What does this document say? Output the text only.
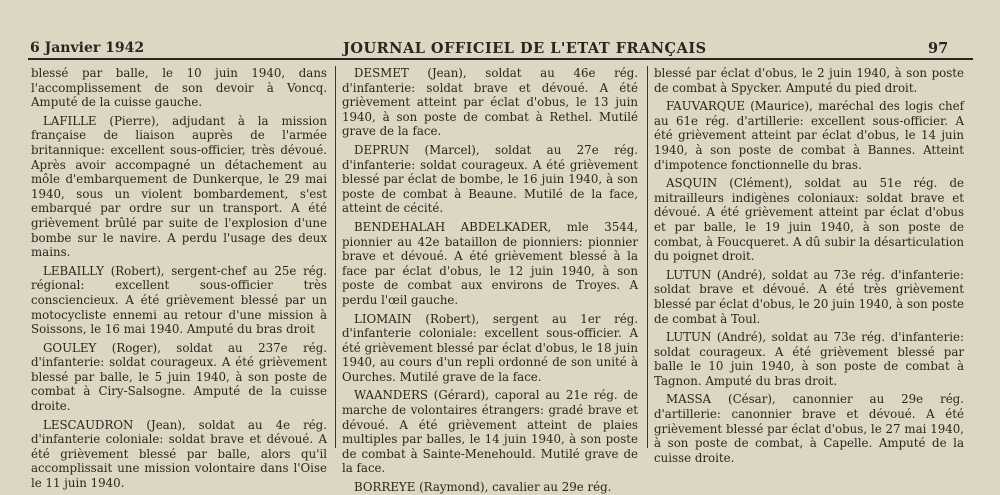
6 Janvier 1942	JOURNAL OFFICIEL DE L'ETAT FRANÇAIS	97

blessé par balle, le 10 juin 1940, dans l'accomplissement de son devoir à Voncq. Amputé de la cuisse gauche.

LAFILLE (Pierre), adjudant à la mission française de liaison auprès de l'armée britannique: excellent sous-officier, très dévoué. Après avoir accompagné un détachement au môle d'embarquement de Dunkerque, le 29 mai 1940, sous un violent bombardement, s'est embarqué par ordre sur un transport. A été grièvement brûlé par suite de l'explosion d'une bombe sur le navire. A perdu l'usage des deux mains.

LEBAILLY (Robert), sergent-chef au 25e rég. régional: excellent sous-officier très consciencieux. A été grièvement blessé par un motocycliste ennemi au retour d'une mission à Soissons, le 16 mai 1940. Amputé du bras droit

GOULEY (Roger), soldat au 237e rég. d'infanterie: soldat courageux. A été grièvement blessé par balle, le 5 juin 1940, à son poste de combat à Ciry-Salsogne. Amputé de la cuisse droite.

LESCAUDRON (Jean), soldat au 4e rég. d'infanterie coloniale: soldat brave et dévoué. A été grièvement blessé par balle, alors qu'il accomplissait une mission volontaire dans l'Oise le 11 juin 1940.

DESMET (Jean), soldat au 46e rég. d'infanterie: soldat brave et dévoué. A été grièvement atteint par éclat d'obus, le 13 juin 1940, à son poste de combat à Rethel. Mutilé grave de la face.

DEPRUN (Marcel), soldat au 27e rég. d'infanterie: soldat courageux. A été grièvement blessé par éclat de bombe, le 16 juin 1940, à son poste de combat à Beaune. Mutilé de la face, atteint de cécité.

BENDEHALAH ABDELKADER, mle 3544, pionnier au 42e bataillon de pionniers: pionnier brave et dévoué. A été grièvement blessé à la face par éclat d'obus, le 12 juin 1940, à son poste de combat aux environs de Troyes. A perdu l'œil gauche.

LIOMAIN (Robert), sergent au 1er rég. d'infanterie coloniale: excellent sous-officier. A été grièvement blessé par éclat d'obus, le 18 juin 1940, au cours d'un repli ordonné de son unité à Ourches. Mutilé grave de la face.

WAANDERS (Gérard), caporal au 21e rég. de marche de volontaires étrangers: gradé brave et dévoué. A été grièvement atteint de plaies multiples par balles, le 14 juin 1940, à son poste de combat à Sainte-Menehould. Mutilé grave de la face.

BORREYE (Raymond), cavalier au 29e rég.

blessé par éclat d'obus, le 2 juin 1940, à son poste de combat à Spycker. Amputé du pied droit.

FAUVARQUE (Maurice), maréchal des logis chef au 61e rég. d'artillerie: excellent sous-officier. A été grièvement atteint par éclat d'obus, le 14 juin 1940, à son poste de combat à Bannes. Atteint d'impotence fonctionnelle du bras.

ASQUIN (Clément), soldat au 51e rég. de mitrailleurs indigènes coloniaux: soldat brave et dévoué. A été grièvement atteint par éclat d'obus et par balle, le 19 juin 1940, à son poste de combat, à Foucqueret. A dû subir la désarticulation du poignet droit.

LUTUN (André), soldat au 73e rég. d'infanterie: soldat brave et dévoué. A été très grièvement blessé par éclat d'obus, le 20 juin 1940, à son poste de combat à Toul.

LUTUN (André), soldat au 73e rég. d'infanterie: soldat courageux. A été grièvement blessé par balle le 10 juin 1940, à son poste de combat à Tagnon. Amputé du bras droit.

MASSA (César), canonnier au 29e rég. d'artillerie: canonnier brave et dévoué. A été grièvement blessé par éclat d'obus, le 27 mai 1940, à son poste de combat, à Capelle. Amputé de la cuisse droite.
